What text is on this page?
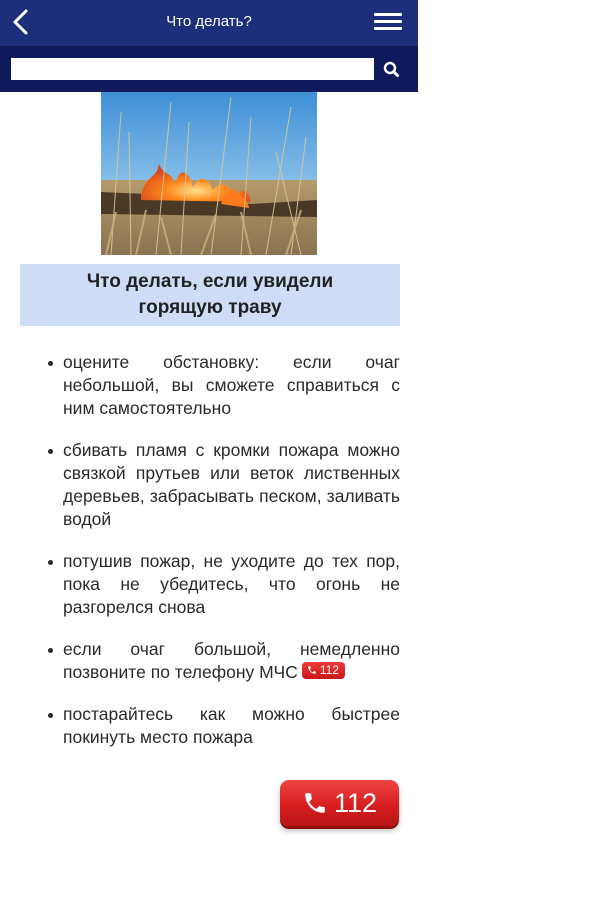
Что делать?
Что делать, если увидели горящую траву
оцените обстановку: если очаг небольшой, вы сможете справиться с ним самостоятельно
сбивать пламя с кромки пожара можно связкой прутьев или веток лиственных деревьев, забрасывать песком, заливать водой
потушив пожар, не уходите до тех пор, пока не убедитесь, что огонь не разгорелся снова
если очаг большой, немедленно позвоните по телефону МЧС 112
постарайтесь как можно быстрее покинуть место пожара
112
